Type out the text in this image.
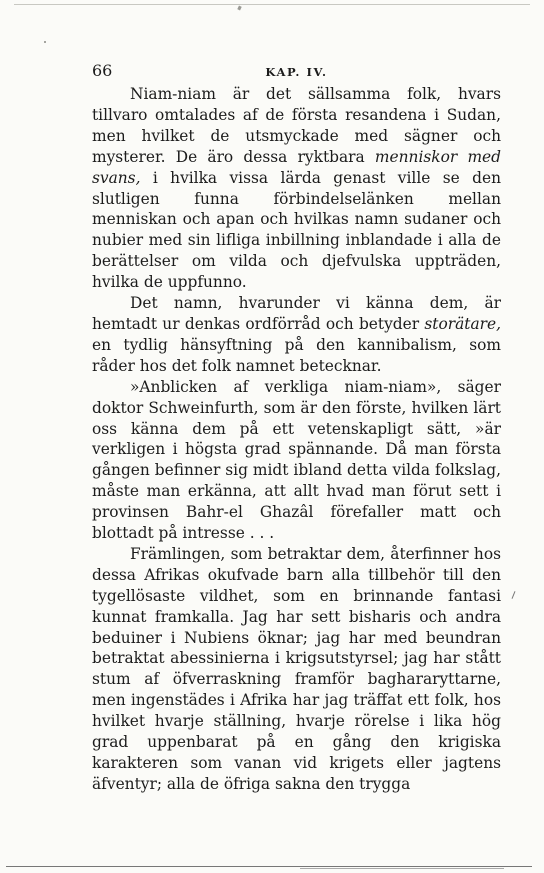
66	KAP. IV.

Niam-niam är det sällsamma folk, hvars tillvaro omtalades af de första resandena i Sudan, men hvilket de utsmyckade med sägner och mysterer. De äro dessa ryktbara menniskor med svans, i hvilka vissa lärda genast ville se den slutligen funna förbindelselänken mellan menniskan och apan och hvilkas namn sudaner och nubier med sin lifliga inbillning inblandade i alla de berättelser om vilda och djefvulska uppträden, hvilka de uppfunno.

Det namn, hvarunder vi känna dem, är hemtadt ur denkas ordförråd och betyder storätare, en tydlig hänsyftning på den kannibalism, som råder hos det folk namnet betecknar.

»Anblicken af verkliga niam-niam», säger doktor Schweinfurth, som är den förste, hvilken lärt oss känna dem på ett vetenskapligt sätt, »är verkligen i högsta grad spännande. Då man första gången befinner sig midt ibland detta vilda folkslag, måste man erkänna, att allt hvad man förut sett i provinsen Bahr-el Ghazâl förefaller matt och blottadt på intresse . . .

Främlingen, som betraktar dem, återfinner hos dessa Afrikas okufvade barn alla tillbehör till den tygellösaste vildhet, som en brinnande fantasi kunnat framkalla. Jag har sett bisharis och andra beduiner i Nubiens öknar; jag har med beundran betraktat abessinierna i krigsutstyrsel; jag har stått stum af öfverraskning framför baghararyttarne, men ingenstädes i Afrika har jag träffat ett folk, hos hvilket hvarje ställning, hvarje rörelse i lika hög grad uppenbarat på en gång den krigiska karakteren som vanan vid krigets eller jagtens äfventyr; alla de öfriga sakna den trygga
